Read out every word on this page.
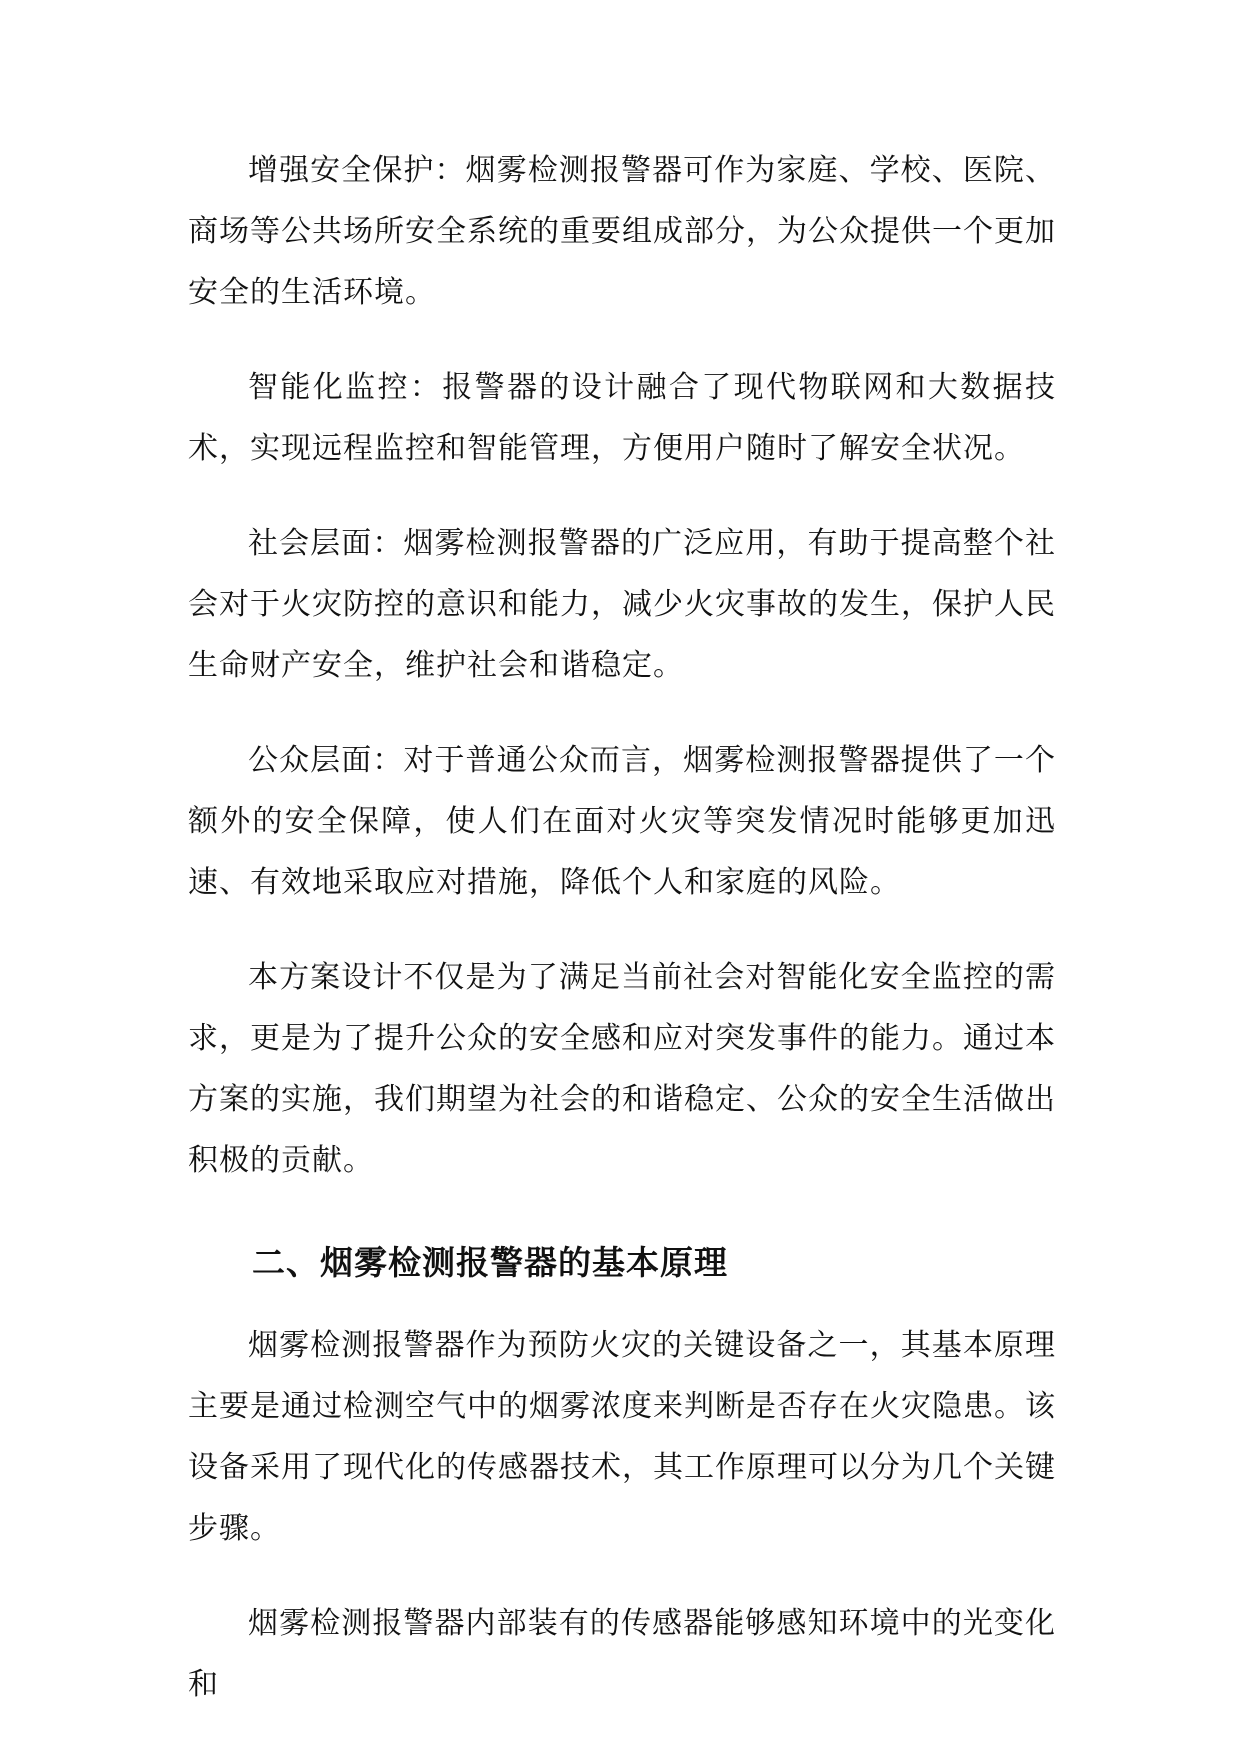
增强安全保护：烟雾检测报警器可作为家庭、学校、医院、商场等公共场所安全系统的重要组成部分，为公众提供一个更加安全的生活环境。

智能化监控：报警器的设计融合了现代物联网和大数据技术，实现远程监控和智能管理，方便用户随时了解安全状况。

社会层面：烟雾检测报警器的广泛应用，有助于提高整个社会对于火灾防控的意识和能力，减少火灾事故的发生，保护人民生命财产安全，维护社会和谐稳定。

公众层面：对于普通公众而言，烟雾检测报警器提供了一个额外的安全保障，使人们在面对火灾等突发情况时能够更加迅速、有效地采取应对措施，降低个人和家庭的风险。

本方案设计不仅是为了满足当前社会对智能化安全监控的需求，更是为了提升公众的安全感和应对突发事件的能力。通过本方案的实施，我们期望为社会的和谐稳定、公众的安全生活做出积极的贡献。

二、烟雾检测报警器的基本原理

烟雾检测报警器作为预防火灾的关键设备之一，其基本原理主要是通过检测空气中的烟雾浓度来判断是否存在火灾隐患。该设备采用了现代化的传感器技术，其工作原理可以分为几个关键步骤。

烟雾检测报警器内部装有的传感器能够感知环境中的光变化和
